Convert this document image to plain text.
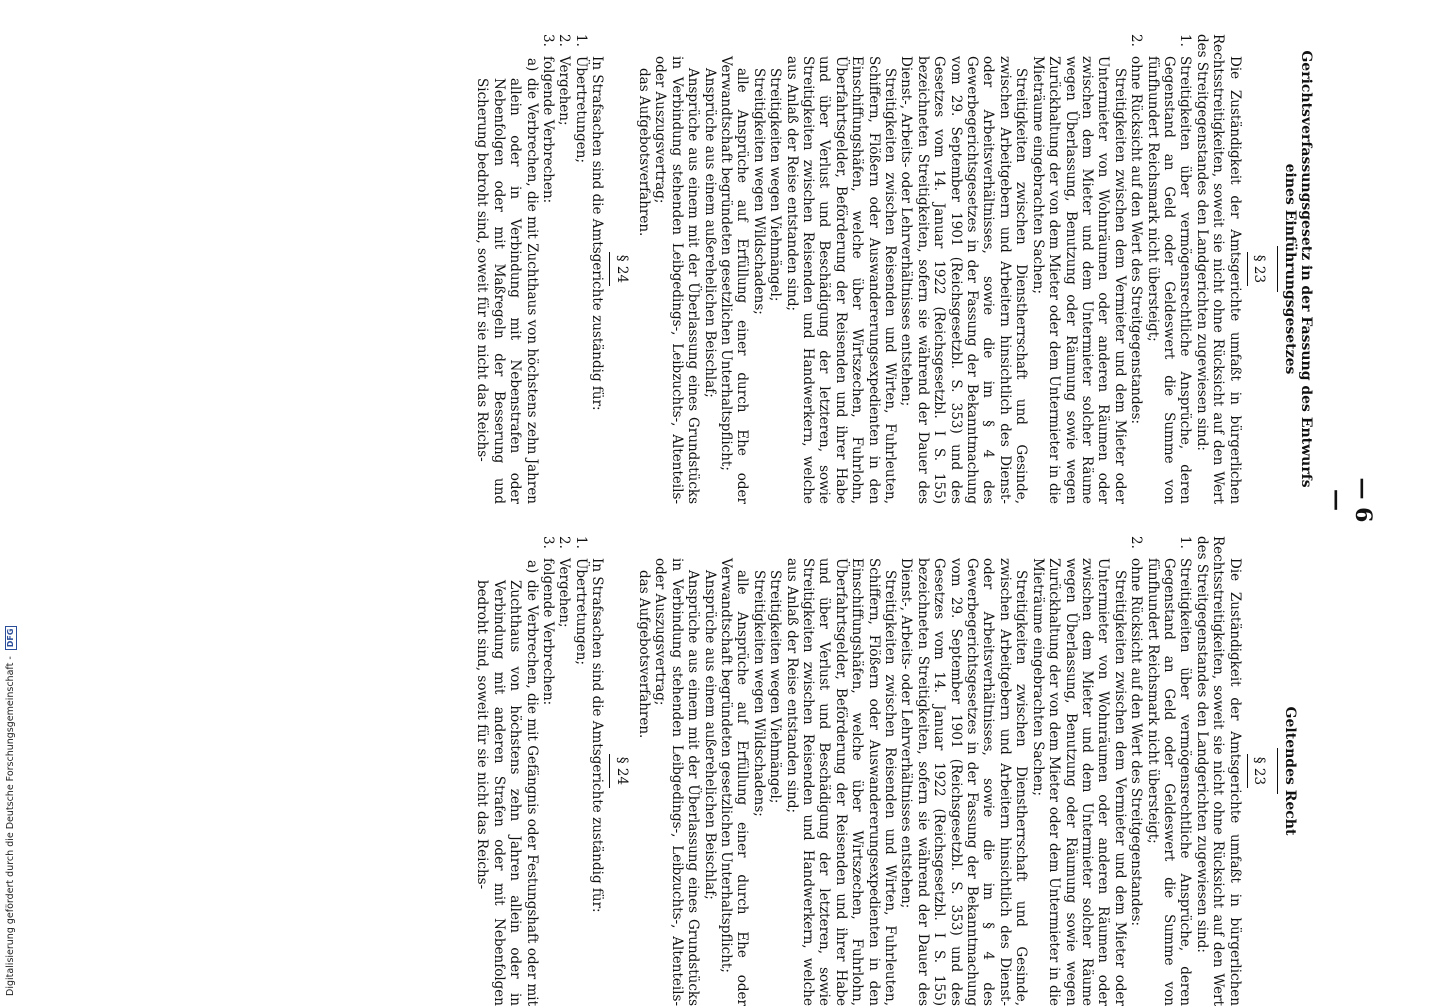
— 6 —
Gerichtsverfassungsgesetz in der Fassung des Entwurfs eines Einführungsgesetzes
§ 23

Die Zuständigkeit der Amtsgerichte umfaßt in bürgerlichen Rechtsstreitigkeiten, soweit sie nicht ohne Rücksicht auf den Wert des Streitgegenstandes den Landgerichten zugewiesen sind:

1.
Streitigkeiten über vermögensrechtliche Ansprüche, deren Gegenstand an Geld oder Geldeswert die Summe von fünfhundert Reichsmark nicht übersteigt;
2.
ohne Rücksicht auf den Wert des Streitgegenstandes:

Streitigkeiten zwischen dem Vermieter und dem Mieter oder Untermieter von Wohnräumen oder anderen Räumen oder zwischen dem Mieter und dem Untermieter solcher Räume wegen Überlassung, Benutzung oder Räumung sowie wegen Zurückhaltung der von dem Mieter oder dem Untermieter in die Mieträume eingebrachten Sachen;

Streitigkeiten zwischen Dienstherrschaft und Gesinde, zwischen Arbeitgebern und Arbeitern hinsichtlich des Dienst- oder Arbeitsverhältnisses, sowie die im § 4 des Gewerbegerichtsgesetzes in der Fassung der Bekanntmachung vom 29. September 1901 (Reichsgesetzbl. S. 353) und des Gesetzes vom 14. Januar 1922 (Reichsgesetzbl. I S. 155) bezeichneten Streitigkeiten, sofern sie während der Dauer des Dienst-, Arbeits- oder Lehrverhältnisses entstehen;

Streitigkeiten zwischen Reisenden und Wirten, Fuhrleuten, Schiffern, Flößern oder Auswandererungsexpedienten in den Einschiffungshäfen, welche über Wirtszechen, Fuhrlohn, Überfahrtsgelder, Beförderung der Reisenden und ihrer Habe und über Verlust und Beschädigung der letzteren, sowie Streitigkeiten zwischen Reisenden und Handwerkern, welche aus Anlaß der Reise entstanden sind;

Streitigkeiten wegen Viehmängel;

Streitigkeiten wegen Wildschadens;

alle Ansprüche auf Erfüllung einer durch Ehe oder Verwandtschaft begründeten gesetzlichen Unterhaltspflicht;

Ansprüche aus einem außerehelichen Beischlaf;

Ansprüche aus einem mit der Überlassung eines Grundstücks in Verbindung stehenden Leibgedings-, Leibzuchts-, Altenteils- oder Auszugsvertrag;

das Aufgebotsverfahren.

§ 24

In Strafsachen sind die Amtsgerichte zuständig für:

1.
Übertretungen;
2.
Vergehen;
3.
folgende Verbrechen:
a)
die Verbrechen, die mit Zuchthaus von höchstens zehn Jahren allein oder in Verbindung mit Nebenstrafen oder Nebenfolgen oder mit Maßregeln der Besserung und Sicherung bedroht sind, soweit für sie nicht das Reichs-
Geltendes Recht
§ 23

Die Zuständigkeit der Amtsgerichte umfaßt in bürgerlichen Rechtsstreitigkeiten, soweit sie nicht ohne Rücksicht auf den Wert des Streitgegenstandes den Landgerichten zugewiesen sind:

1.
Streitigkeiten über vermögensrechtliche Ansprüche, deren Gegenstand an Geld oder Geldeswert die Summe von fünfhundert Reichsmark nicht übersteigt;
2.
ohne Rücksicht auf den Wert des Streitgegenstandes:

Streitigkeiten zwischen dem Vermieter und dem Mieter oder Untermieter von Wohnräumen oder anderen Räumen oder zwischen dem Mieter und dem Untermieter solcher Räume wegen Überlassung, Benutzung oder Räumung sowie wegen Zurückhaltung der von dem Mieter oder dem Untermieter in die Mieträume eingebrachten Sachen;

Streitigkeiten zwischen Dienstherrschaft und Gesinde, zwischen Arbeitgebern und Arbeitern hinsichtlich des Dienst- oder Arbeitsverhältnisses, sowie die im § 4 des Gewerbegerichtsgesetzes in der Fassung der Bekanntmachung vom 29. September 1901 (Reichsgesetzbl. S. 353) und des Gesetzes vom 14. Januar 1922 (Reichsgesetzbl. I S. 155) bezeichneten Streitigkeiten, sofern sie während der Dauer des Dienst-, Arbeits- oder Lehrverhältnisses entstehen;

Streitigkeiten zwischen Reisenden und Wirten, Fuhrleuten, Schiffern, Flößern oder Auswandererungsexpedienten in den Einschiffungshäfen, welche über Wirtszechen, Fuhrlohn, Überfahrtsgelder, Beförderung der Reisenden und ihrer Habe und über Verlust und Beschädigung der letzteren, sowie Streitigkeiten zwischen Reisenden und Handwerkern, welche aus Anlaß der Reise entstanden sind;

Streitigkeiten wegen Viehmängel;

Streitigkeiten wegen Wildschadens;

alle Ansprüche auf Erfüllung einer durch Ehe oder Verwandtschaft begründeten gesetzlichen Unterhaltspflicht;

Ansprüche aus einem außerehelichen Beischlaf;

Ansprüche aus einem mit der Überlassung eines Grundstücks in Verbindung stehenden Leibgedings-, Leibzuchts-, Altenteils- oder Auszugsvertrag;

das Aufgebotsverfahren.

§ 24

In Strafsachen sind die Amtsgerichte zuständig für:

1.
Übertretungen;
2.
Vergehen;
3.
folgende Verbrechen:
a)
die Verbrechen, die mit Gefängnis oder Festungshaft oder mit Zuchthaus von höchstens zehn Jahren allein oder in Verbindung mit anderen Strafen oder mit Nebenfolgen bedroht sind, soweit für sie nicht das Reichs-
Digitalisierung gefördert durch die Deutsche Forschungsgemeinschaft - DFG
